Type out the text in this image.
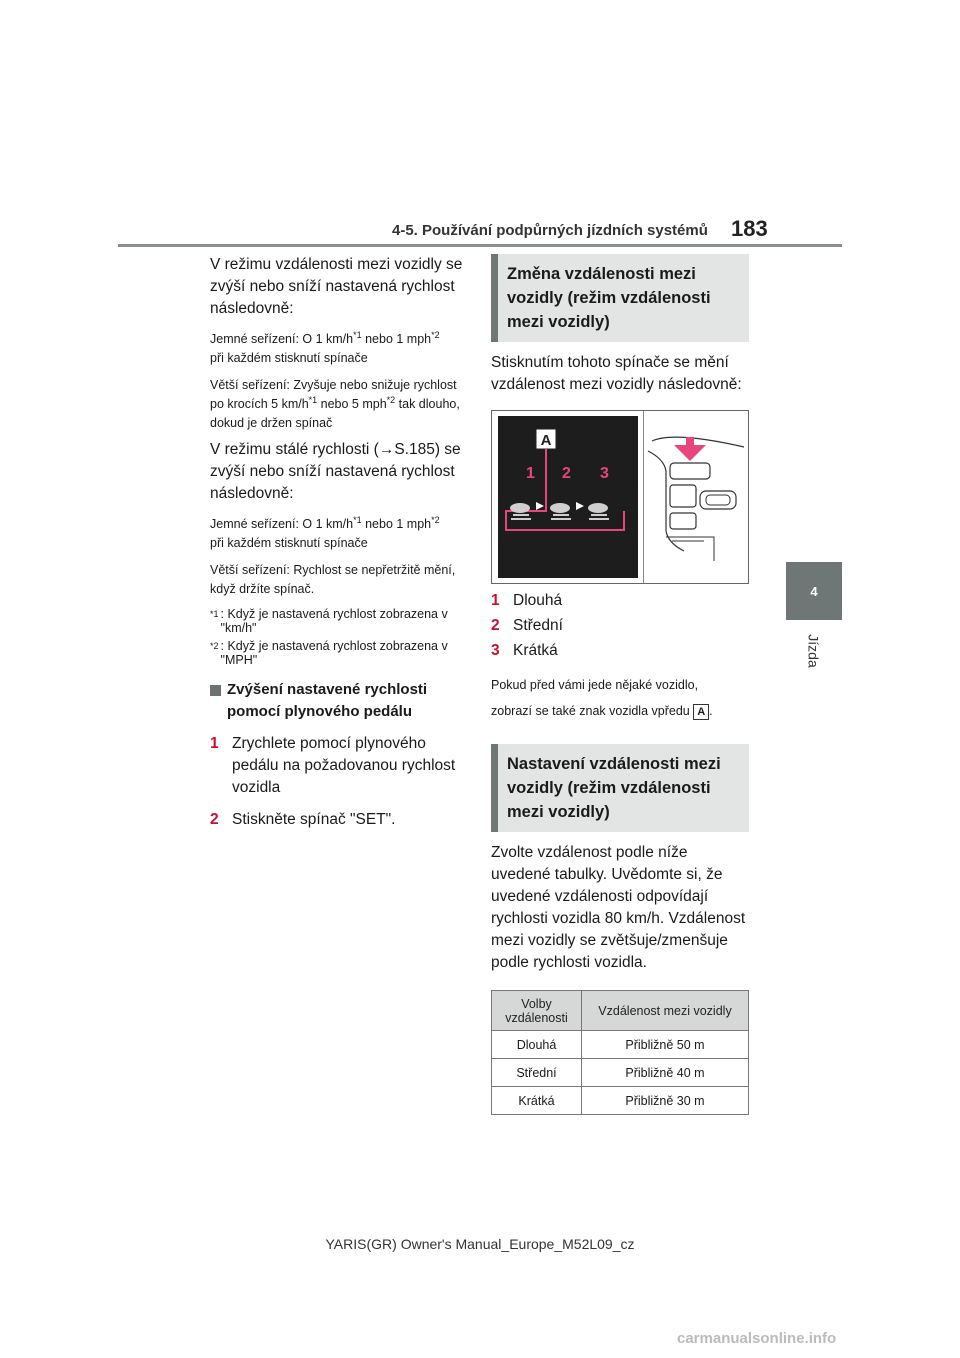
4-5. Používání podpůrných jízdních systémů 183
4
Jízda

V režimu vzdálenosti mezi vozidly se zvýší nebo sníží nastavená rychlost následovně:

Jemné seřízení: O 1 $km/h^{*1}$ nebo 1 mph$^{*2}$
při každém stisknutí spínače

Větší seřízení: Zvyšuje nebo snižuje rychlost po krocích 5 $km/h^{*1}$ nebo 5 mph$^{*2}$ tak dlouho, dokud je držen spínač

V režimu stálé rychlosti (→S.185) se zvýší nebo sníží nastavená rychlost následovně:

Jemné seřízení: O 1 $km/h^{*1}$ nebo 1 mph$^{*2}$
při každém stisknutí spínače

Větší seřízení: Rychlost se nepřetržitě mění, když držíte spínač.

*1 : Když je nastavená rychlost zobrazena v "km/h"
*2 : Když je nastavená rychlost zobrazena v "MPH"
Zvýšení nastavené rychlosti pomocí plynového pedálu
1 Zrychlete pomocí plynového pedálu na požadovanou rychlost vozidla
2 Stiskněte spínač "SET".
Změna vzdálenosti mezi vozidly (režim vzdálenosti mezi vozidly)

Stisknutím tohoto spínače se mění vzdálenost mezi vozidly následovně:

A
1 2 3
1 Dlouhá
2 Střední
3 Krátká

Pokud před vámi jede nějaké vozidlo,
zobrazí se také znak vozidla vpředu A .

Nastavení vzdálenosti mezi vozidly (režim vzdálenosti mezi vozidly)

Zvolte vzdálenost podle níže uvedené tabulky. Uvědomte si, že uvedené vzdálenosti odpovídají rychlosti vozidla 80 km/h. Vzdálenost mezi vozidly se zvětšuje/zmenšuje podle rychlosti vozidla.

Volby vzdálenosti	Vzdálenost mezi vozidly
Dlouhá	Přibližně 50 m
Střední	Přibližně 40 m
Krátká	Přibližně 30 m
YARIS(GR) Owner's Manual_Europe_M52L09_cz
carmanualsonline.info
